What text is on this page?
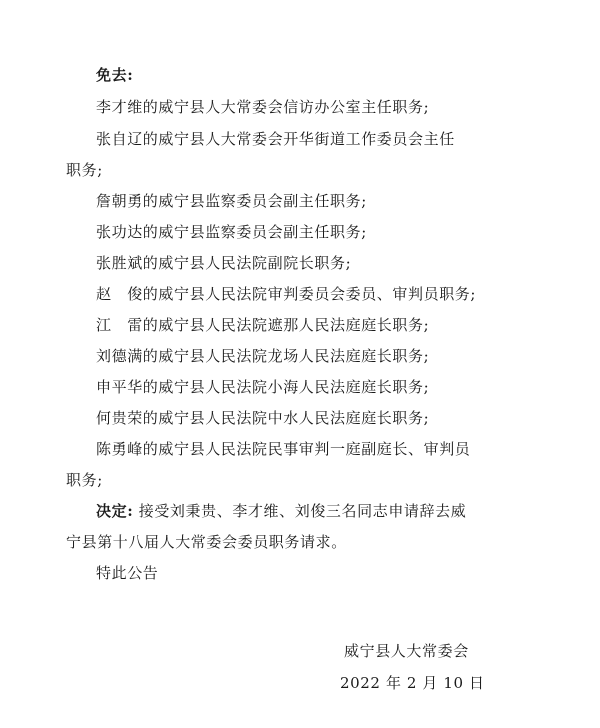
免去:
李才维的威宁县人大常委会信访办公室主任职务;
张自辽的威宁县人大常委会开华街道工作委员会主任
职务;
詹朝勇的威宁县监察委员会副主任职务;
张功达的威宁县监察委员会副主任职务;
张胜斌的威宁县人民法院副院长职务;
赵　俊的威宁县人民法院审判委员会委员、审判员职务;
江　雷的威宁县人民法院遮那人民法庭庭长职务;
刘德满的威宁县人民法院龙场人民法庭庭长职务;
申平华的威宁县人民法院小海人民法庭庭长职务;
何贵荣的威宁县人民法院中水人民法庭庭长职务;
陈勇峰的威宁县人民法院民事审判一庭副庭长、审判员
职务;
决定: 接受刘秉贵、李才维、刘俊三名同志申请辞去威
宁县第十八届人大常委会委员职务请求。
特此公告
威宁县人大常委会
2022 年 2 月 10 日
